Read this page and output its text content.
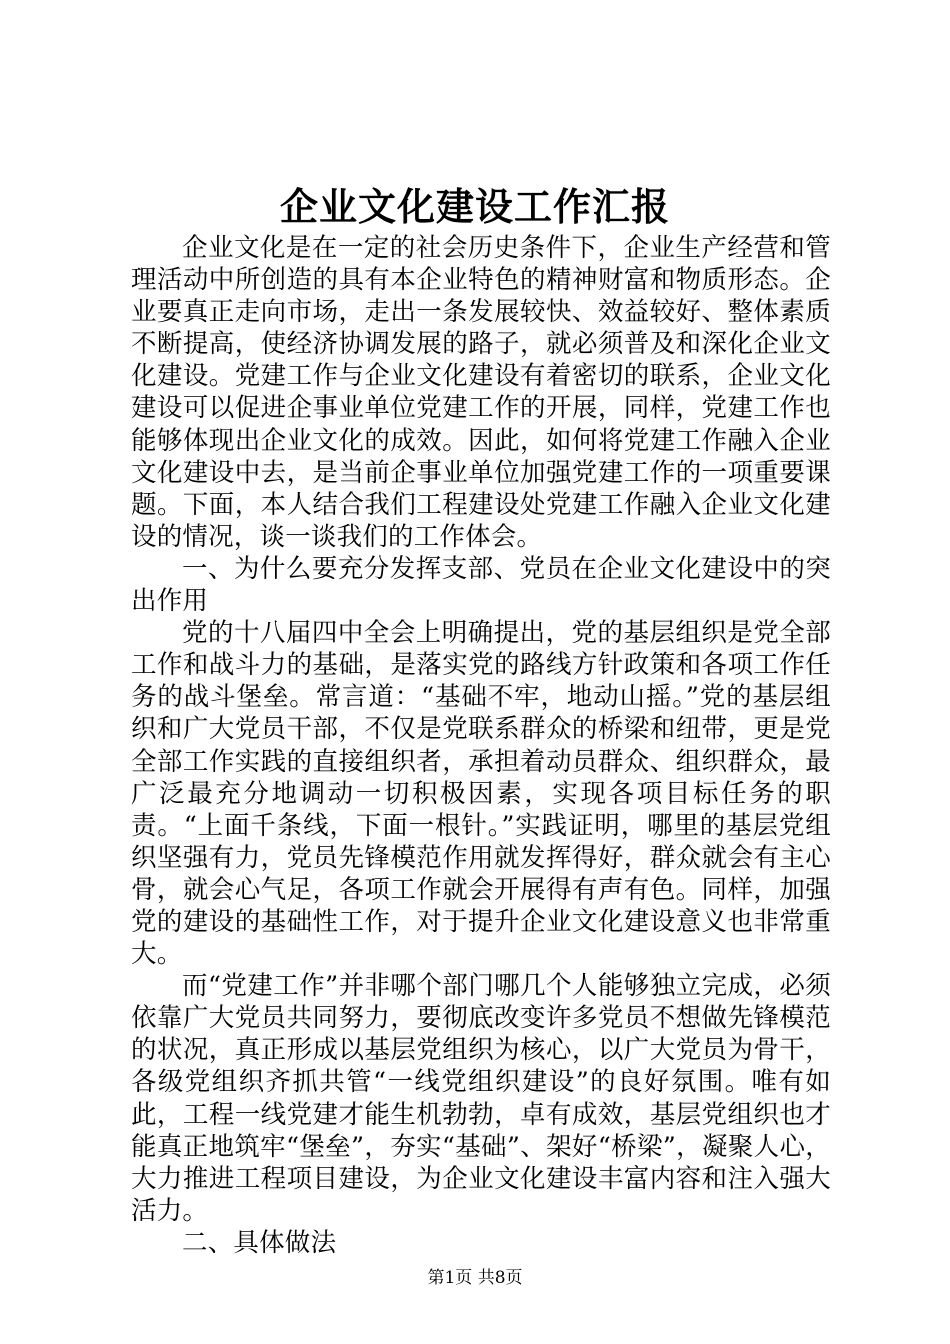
企业文化建设工作汇报

企业文化是在一定的社会历史条件下，企业生产经营和管理活动中所创造的具有本企业特色的精神财富和物质形态。企业要真正走向市场，走出一条发展较快、效益较好、整体素质不断提高，使经济协调发展的路子，就必须普及和深化企业文化建设。党建工作与企业文化建设有着密切的联系，企业文化建设可以促进企事业单位党建工作的开展，同样，党建工作也能够体现出企业文化的成效。因此，如何将党建工作融入企业文化建设中去，是当前企事业单位加强党建工作的一项重要课题。下面，本人结合我们工程建设处党建工作融入企业文化建设的情况，谈一谈我们的工作体会。

一、为什么要充分发挥支部、党员在企业文化建设中的突出作用

党的十八届四中全会上明确提出，党的基层组织是党全部工作和战斗力的基础，是落实党的路线方针政策和各项工作任务的战斗堡垒。常言道：“基础不牢，地动山摇。”党的基层组织和广大党员干部，不仅是党联系群众的桥梁和纽带，更是党全部工作实践的直接组织者，承担着动员群众、组织群众，最广泛最充分地调动一切积极因素，实现各项目标任务的职责。“上面千条线，下面一根针。”实践证明，哪里的基层党组织坚强有力，党员先锋模范作用就发挥得好，群众就会有主心骨，就会心气足，各项工作就会开展得有声有色。同样，加强党的建设的基础性工作，对于提升企业文化建设意义也非常重大。

而“党建工作”并非哪个部门哪几个人能够独立完成，必须依靠广大党员共同努力，要彻底改变许多党员不想做先锋模范的状况，真正形成以基层党组织为核心，以广大党员为骨干，各级党组织齐抓共管“一线党组织建设”的良好氛围。唯有如此，工程一线党建才能生机勃勃，卓有成效，基层党组织也才能真正地筑牢“堡垒”，夯实“基础”、架好“桥梁”，凝聚人心，大力推进工程项目建设，为企业文化建设丰富内容和注入强大活力。

二、具体做法

第1页 共8页
